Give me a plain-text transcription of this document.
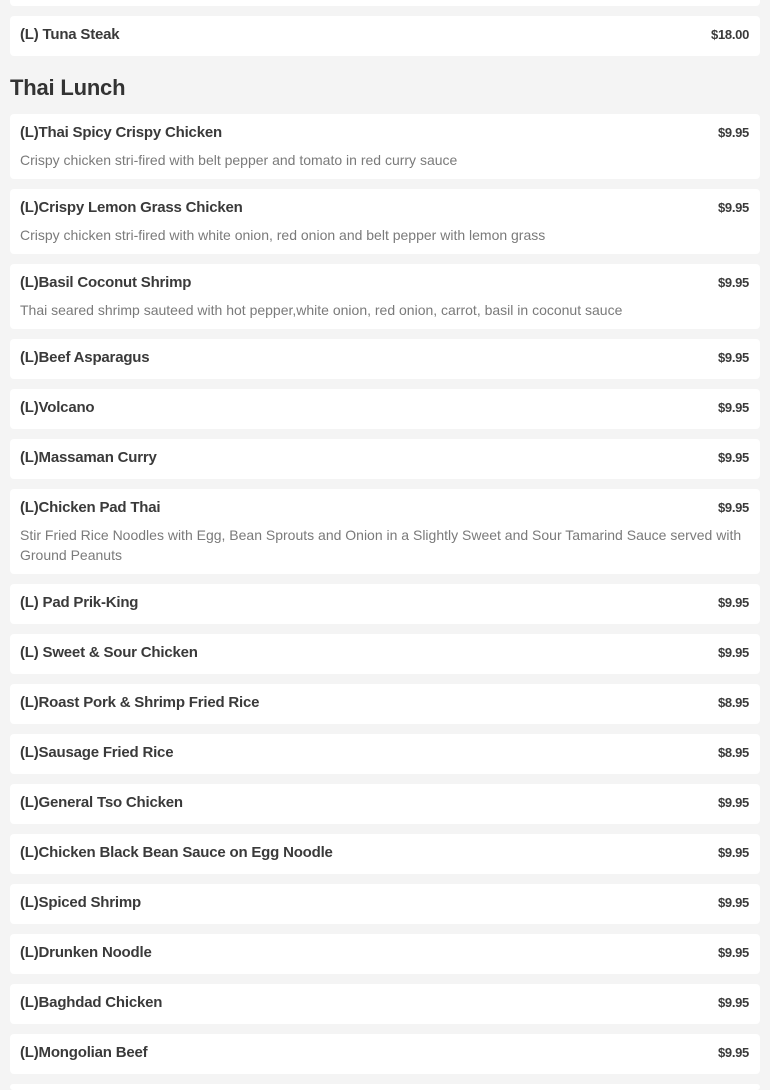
(L) Tuna Steak	$18.00
Thai Lunch
(L)Thai Spicy Crispy Chicken	$9.95
Crispy chicken stri-fired with belt pepper and tomato in red curry sauce
(L)Crispy Lemon Grass Chicken	$9.95
Crispy chicken stri-fired with white onion, red onion and belt pepper with lemon grass
(L)Basil Coconut Shrimp	$9.95
Thai seared shrimp sauteed with hot pepper,white onion, red onion, carrot, basil in coconut sauce
(L)Beef Asparagus	$9.95
(L)Volcano	$9.95
(L)Massaman Curry	$9.95
(L)Chicken Pad Thai	$9.95
Stir Fried Rice Noodles with Egg, Bean Sprouts and Onion in a Slightly Sweet and Sour Tamarind Sauce served with Ground Peanuts
(L) Pad Prik-King	$9.95
(L) Sweet & Sour Chicken	$9.95
(L)Roast Pork & Shrimp Fried Rice	$8.95
(L)Sausage Fried Rice	$8.95
(L)General Tso Chicken	$9.95
(L)Chicken Black Bean Sauce on Egg Noodle	$9.95
(L)Spiced Shrimp	$9.95
(L)Drunken Noodle	$9.95
(L)Baghdad Chicken	$9.95
(L)Mongolian Beef	$9.95
